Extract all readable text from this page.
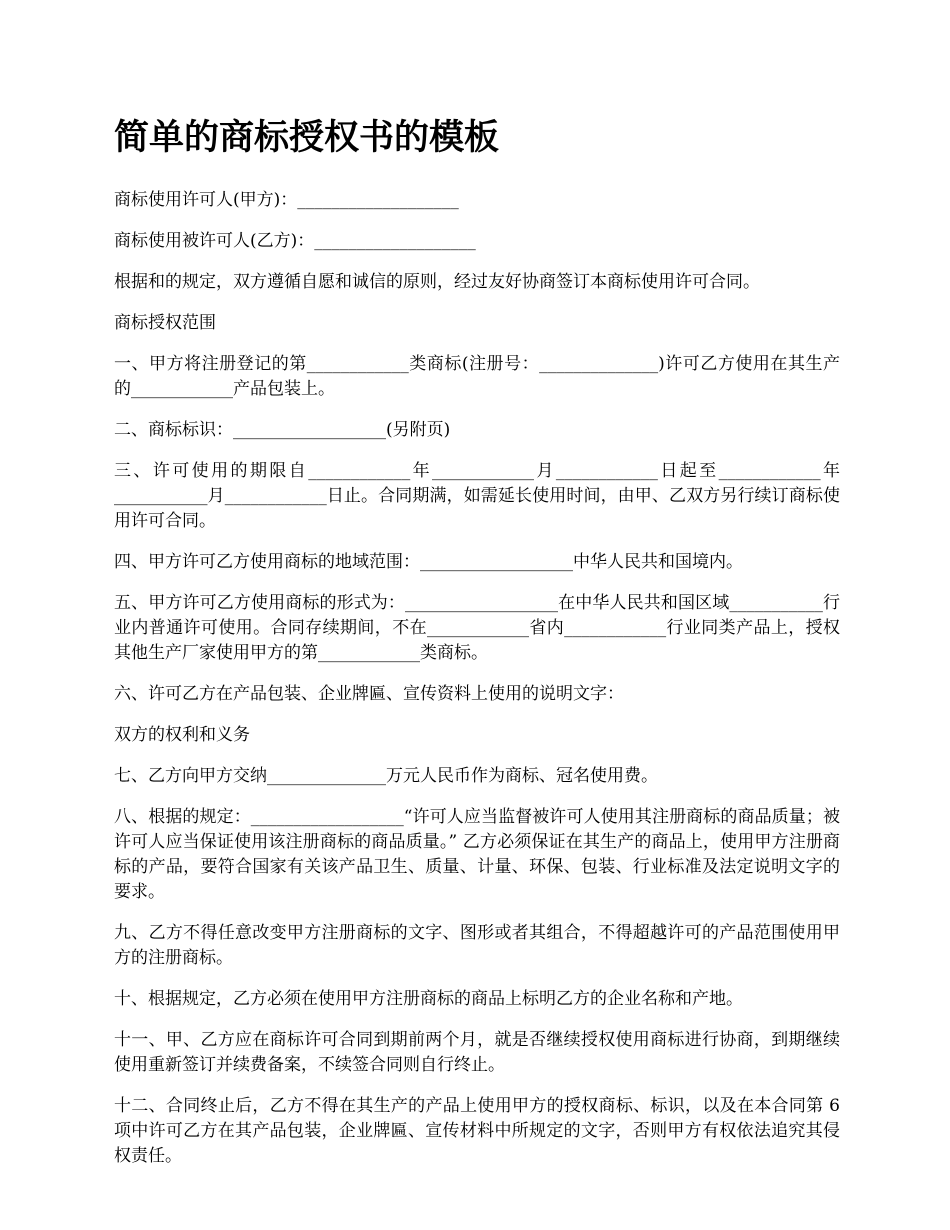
简单的商标授权书的模板

商标使用许可人(甲方)：___________________

商标使用被许可人(乙方)：___________________

根据和的规定，双方遵循自愿和诚信的原则，经过友好协商签订本商标使用许可合同。

商标授权范围

一、甲方将注册登记的第____________类商标(注册号：______________)许可乙方使用在其生产的____________产品包装上。

二、商标标识：__________________(另附页)

三、许可使用的期限自____________年____________月____________日起至____________年___________月____________日止。合同期满，如需延长使用时间，由甲、乙双方另行续订商标使用许可合同。

四、甲方许可乙方使用商标的地域范围：__________________中华人民共和国境内。

五、甲方许可乙方使用商标的形式为：__________________在中华人民共和国区域___________行业内普通许可使用。合同存续期间，不在____________省内____________行业同类产品上，授权其他生产厂家使用甲方的第____________类商标。

六、许可乙方在产品包装、企业牌匾、宣传资料上使用的说明文字：

双方的权利和义务

七、乙方向甲方交纳______________万元人民币作为商标、冠名使用费。

八、根据的规定：__________________“许可人应当监督被许可人使用其注册商标的商品质量；被许可人应当保证使用该注册商标的商品质量。” 乙方必须保证在其生产的商品上，使用甲方注册商标的产品，要符合国家有关该产品卫生、质量、计量、环保、包装、行业标准及法定说明文字的要求。

九、乙方不得任意改变甲方注册商标的文字、图形或者其组合，不得超越许可的产品范围使用甲方的注册商标。

十、根据规定，乙方必须在使用甲方注册商标的商品上标明乙方的企业名称和产地。

十一、甲、乙方应在商标许可合同到期前两个月，就是否继续授权使用商标进行协商，到期继续使用重新签订并续费备案，不续签合同则自行终止。

十二、合同终止后，乙方不得在其生产的产品上使用甲方的授权商标、标识，以及在本合同第 6 项中许可乙方在其产品包装，企业牌匾、宣传材料中所规定的文字，否则甲方有权依法追究其侵权责任。
